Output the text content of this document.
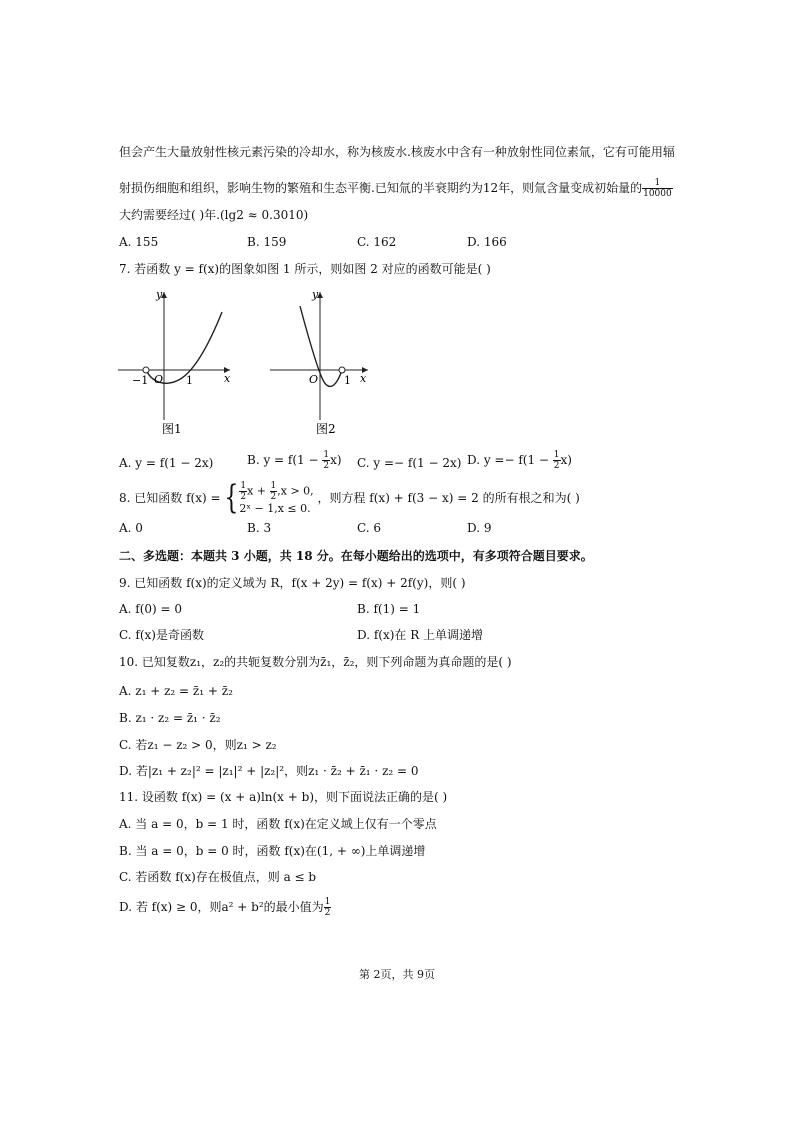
但会产生大量放射性核元素污染的冷却水，称为核废水.核废水中含有一种放射性同位素氚，它有可能用辐
射损伤细胞和组织，影响生物的繁殖和生态平衡.已知氚的半衰期约为12年，则氚含量变成初始量的 $\frac{1}{10000}$
大约需要经过( )年.(lg2 ≈ 0.3010)
A. 155	B. 159	C. 162	D. 166
7. 若函数 y = f(x)的图象如图 1 所示，则如图 2 对应的函数可能是( )
y
x
O
−1	1
图1
y
x
O 1
图2
A. y = f(1 − 2x)	B. $y = f(1 - \frac{1}{2} x)$ C. y =− f(1 − 2x) D. $y =- f(1 - \frac{1}{2} x)$
8. 已知函数 f(x) = { $\frac{1}{2}$ $x + \frac{1}{2} ,x > 0$,
2ˣ − 1,x ≤ 0.
，则方程 f(x) + f(3 − x) = 2 的所有根之和为( )
A. 0	B. 3	C. 6	D. 9
二、多选题：本题共 3 小题，共 18 分。在每小题给出的选项中，有多项符合题目要求。
9. 已知函数 f(x)的定义域为 R，f(x + 2y) = f(x) + 2f(y)，则( )
A. f(0) = 0	B. f(1) = 1
C. f(x)是奇函数	D. f(x)在 R 上单调递增
10. 已知复数z₁，z₂的共轭复数分别为z̄₁，z̄₂，则下列命题为真命题的是( )
A. z₁ + z₂ = z̄₁ + z̄₂
B. z₁ · z₂ = z̄₁ · z̄₂
C. 若z₁ − z₂ > 0，则z₁ > z₂
D. 若|z₁ + z₂|² = |z₁|² + |z₂|²，则z₁ · z̄₂ + z̄₁ · z₂ = 0
11. 设函数 f(x) = (x + a)ln(x + b)，则下面说法正确的是( )
A. 当 a = 0，b = 1 时，函数 f(x)在定义域上仅有一个零点
B. 当 a = 0，b = 0 时，函数 f(x)在(1, + ∞)上单调递增
C. 若函数 f(x)存在极值点，则 a ≤ b
D. 若 f(x) ≥ 0，则a² + b²的最小值为 $\frac{1}{2}$
第 2页，共 9页
